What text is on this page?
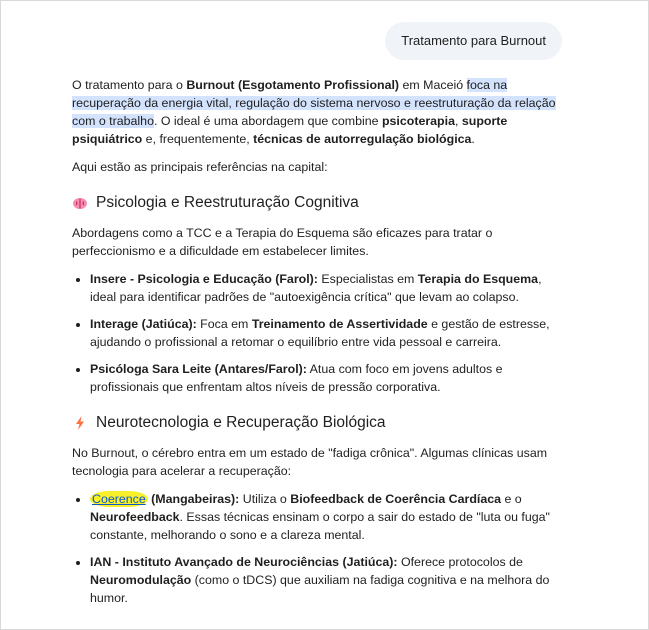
Tratamento para Burnout

O tratamento para o Burnout (Esgotamento Profissional) em Maceió foca na recuperação da energia vital, regulação do sistema nervoso e reestruturação da relação com o trabalho. O ideal é uma abordagem que combine psicoterapia, suporte psiquiátrico e, frequentemente, técnicas de autorregulação biológica.

Aqui estão as principais referências na capital:

Psicologia e Reestruturação Cognitiva

Abordagens como a TCC e a Terapia do Esquema são eficazes para tratar o perfeccionismo e a dificuldade em estabelecer limites.

• Insere - Psicologia e Educação (Farol): Especialistas em Terapia do Esquema, ideal para identificar padrões de "autoexigência crítica" que levam ao colapso.
• Interage (Jatiúca): Foca em Treinamento de Assertividade e gestão de estresse, ajudando o profissional a retomar o equilíbrio entre vida pessoal e carreira.
• Psicóloga Sara Leite (Antares/Farol): Atua com foco em jovens adultos e profissionais que enfrentam altos níveis de pressão corporativa.
Neurotecnologia e Recuperação Biológica

No Burnout, o cérebro entra em um estado de "fadiga crônica". Algumas clínicas usam tecnologia para acelerar a recuperação:

• Coerence (Mangabeiras): Utiliza o Biofeedback de Coerência Cardíaca e o Neurofeedback. Essas técnicas ensinam o corpo a sair do estado de "luta ou fuga" constante, melhorando o sono e a clareza mental.
• IAN - Instituto Avançado de Neurociências (Jatiúca): Oferece protocolos de Neuromodulação (como o tDCS) que auxiliam na fadiga cognitiva e na melhora do humor.
